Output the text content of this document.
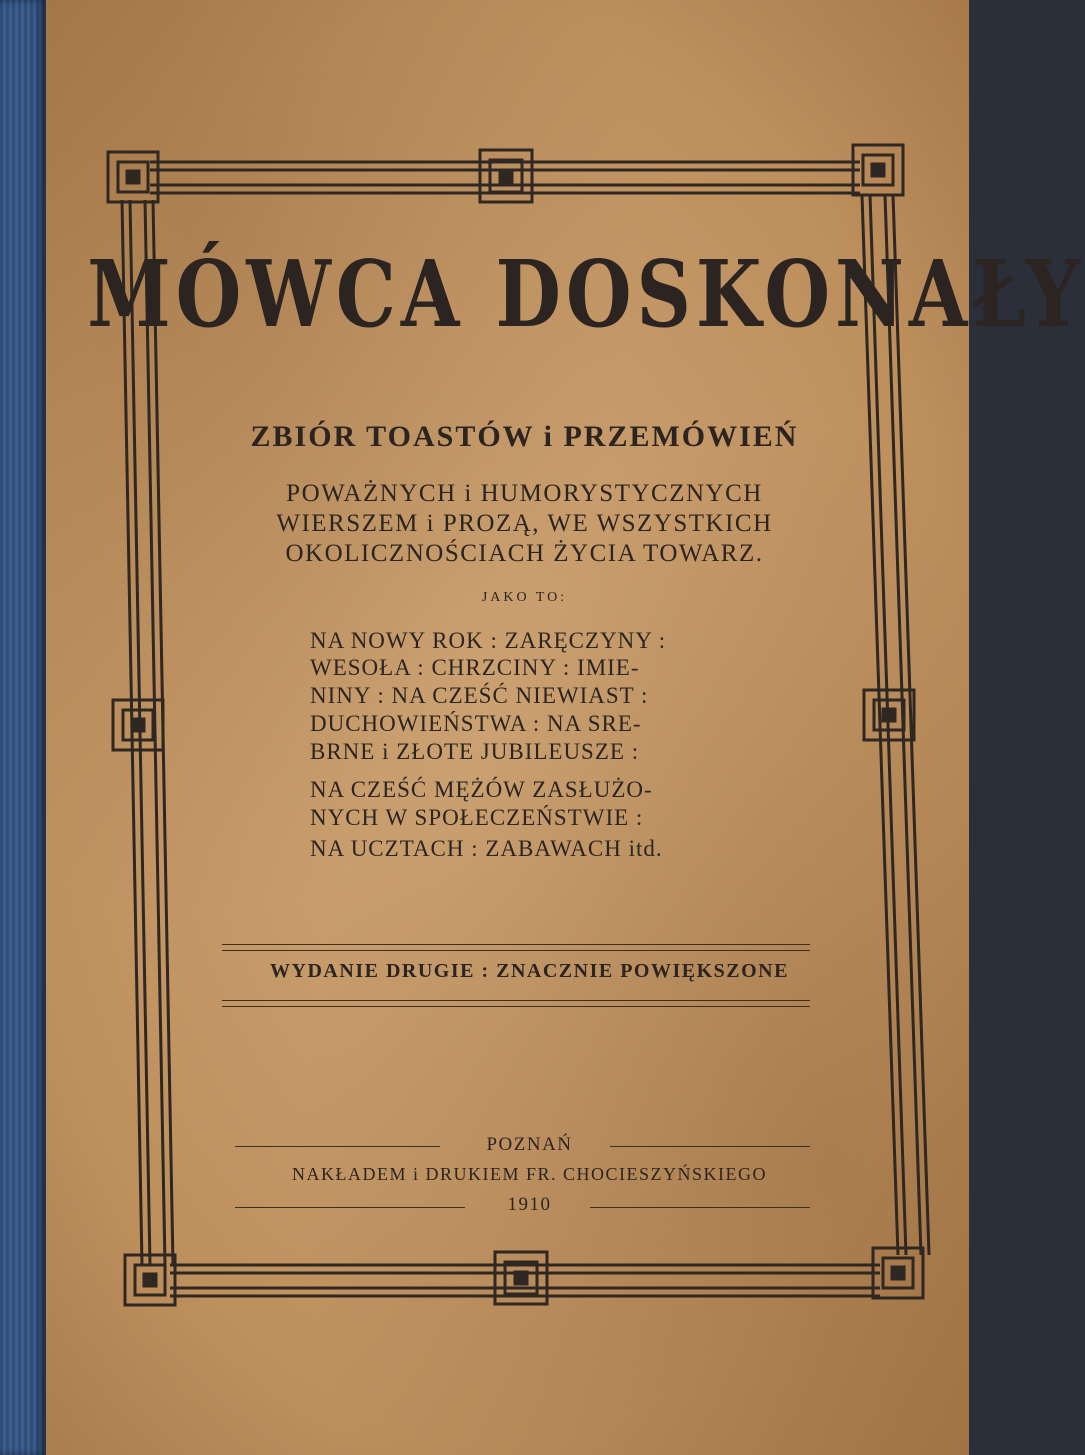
MÓWCA DOSKONAŁY
ZBIÓR TOASTÓW i PRZEMÓWIEŃ
POWAŻNYCH i HUMORYSTYCZNYCH
WIERSZEM i PROZĄ, WE WSZYSTKICH
OKOLICZNOŚCIACH ŻYCIA TOWARZ.
JAKO TO:
NA NOWY ROK : ZARĘCZYNY :
WESOŁA : CHRZCINY : IMIE-
NINY : NA CZEŚĆ NIEWIAST :
DUCHOWIEŃSTWA : NA SRE-
BRNE i ZŁOTE JUBILEUSZE :
NA CZEŚĆ MĘŻÓW ZASŁUŻO-
NYCH W SPOŁECZEŃSTWIE :
NA UCZTACH : ZABAWACH itd.
WYDANIE DRUGIE : ZNACZNIE POWIĘKSZONE
POZNAŃ
NAKŁADEM i DRUKIEM FR. CHOCIESZYŃSKIEGO
1910
